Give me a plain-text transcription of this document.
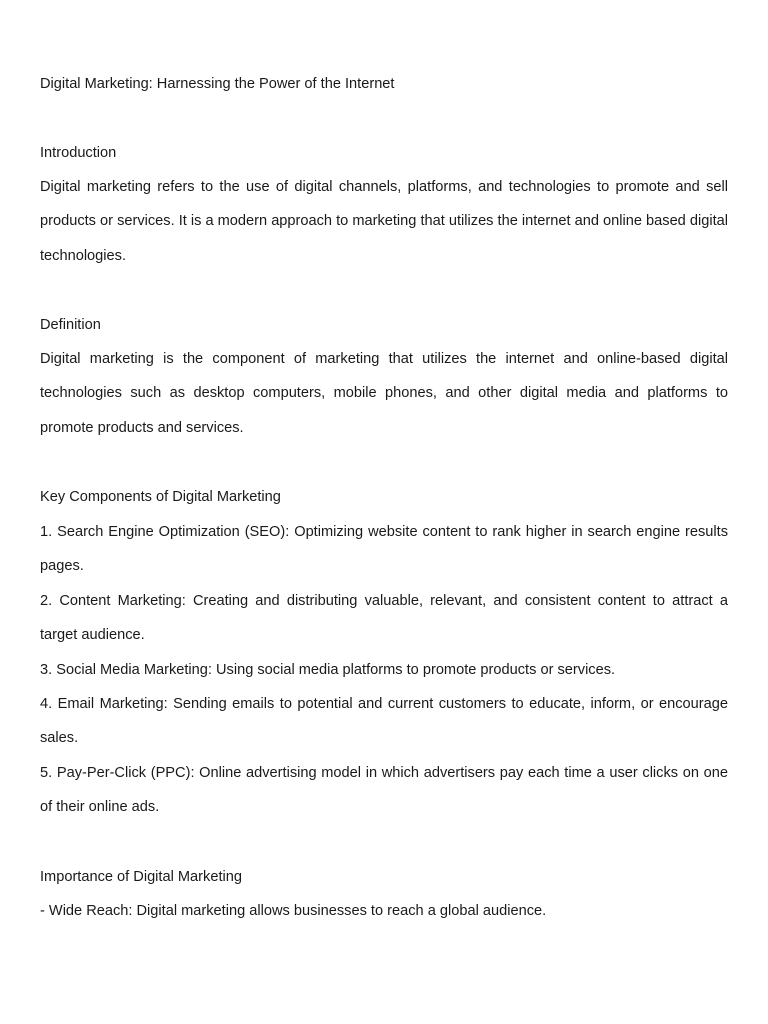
Digital Marketing: Harnessing the Power of the Internet
Introduction
Digital marketing refers to the use of digital channels, platforms, and technologies to promote and sell products or services. It is a modern approach to marketing that utilizes the internet and online based digital technologies.
Definition
Digital marketing is the component of marketing that utilizes the internet and online-based digital technologies such as desktop computers, mobile phones, and other digital media and platforms to promote products and services.
Key Components of Digital Marketing
1. Search Engine Optimization (SEO): Optimizing website content to rank higher in search engine results pages.
2. Content Marketing: Creating and distributing valuable, relevant, and consistent content to attract a target audience.
3. Social Media Marketing: Using social media platforms to promote products or services.
4. Email Marketing: Sending emails to potential and current customers to educate, inform, or encourage sales.
5. Pay-Per-Click (PPC): Online advertising model in which advertisers pay each time a user clicks on one of their online ads.
Importance of Digital Marketing
- Wide Reach: Digital marketing allows businesses to reach a global audience.
